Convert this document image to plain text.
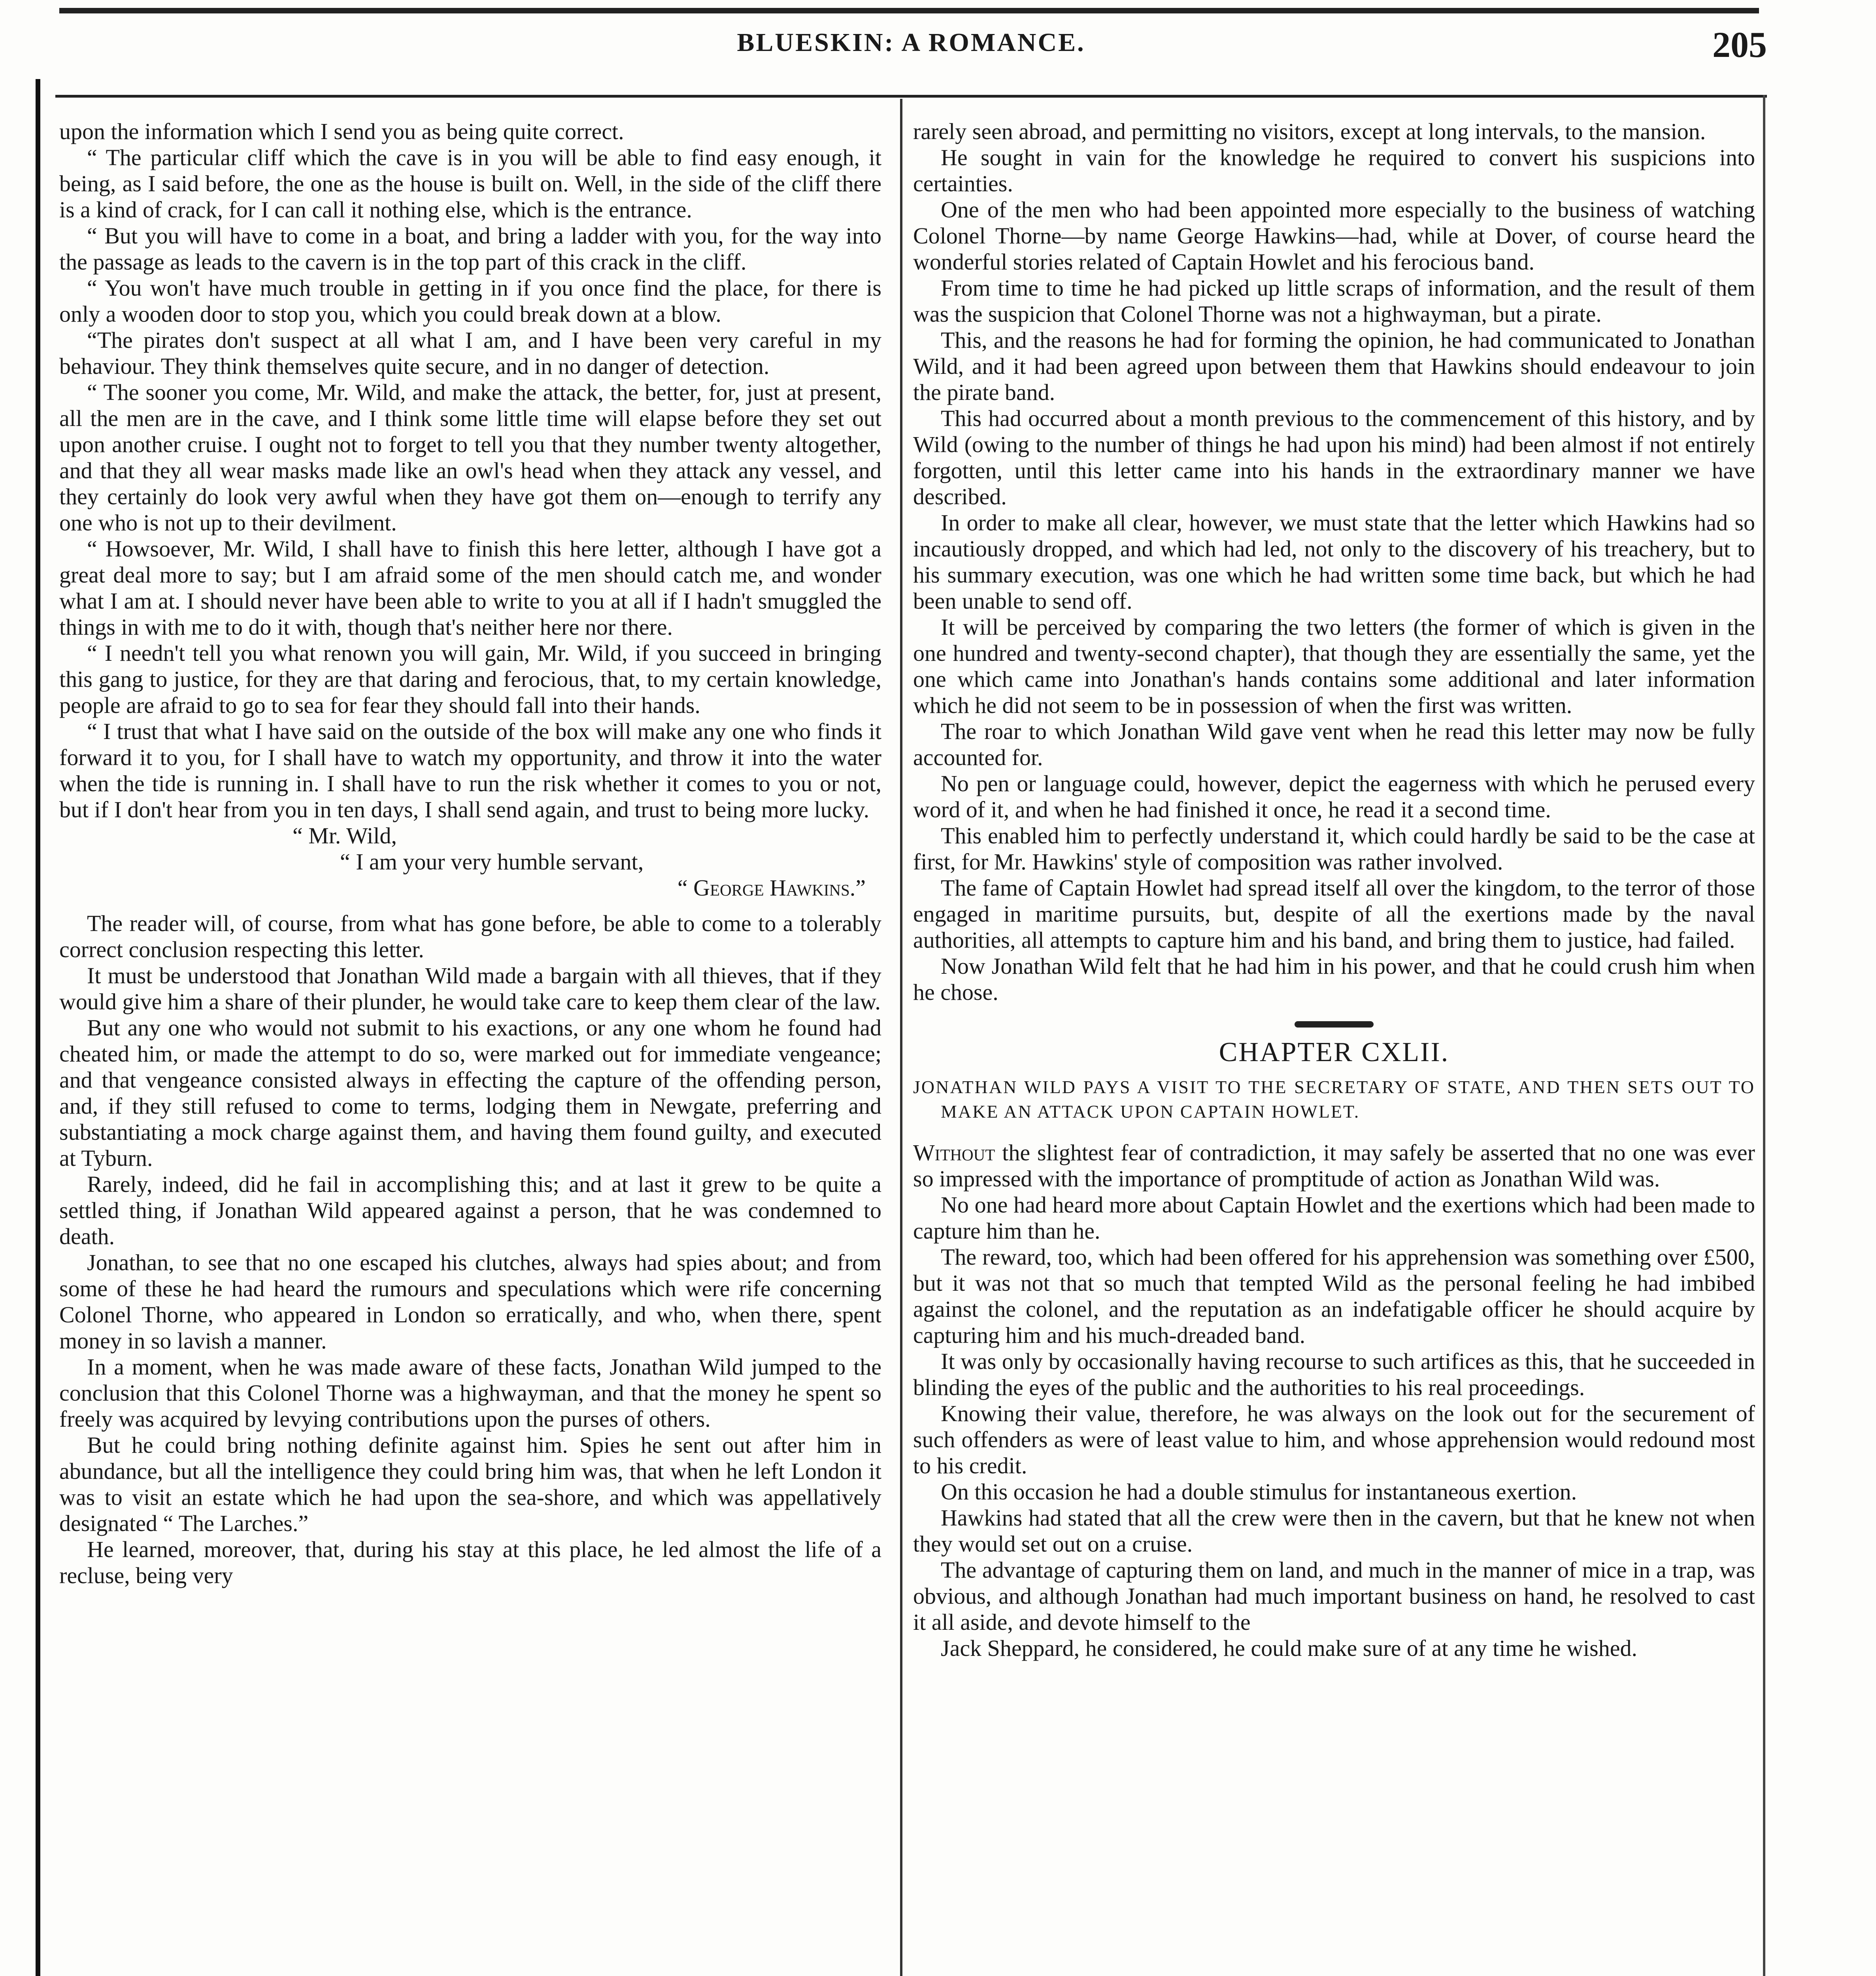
BLUESKIN: A ROMANCE.	205

upon the information which I send you as being quite correct.

“ The particular cliff which the cave is in you will be able to find easy enough, it being, as I said before, the one as the house is built on. Well, in the side of the cliff there is a kind of crack, for I can call it nothing else, which is the entrance.

“ But you will have to come in a boat, and bring a ladder with you, for the way into the passage as leads to the cavern is in the top part of this crack in the cliff.

“ You won't have much trouble in getting in if you once find the place, for there is only a wooden door to stop you, which you could break down at a blow.

“The pirates don't suspect at all what I am, and I have been very careful in my behaviour. They think themselves quite secure, and in no danger of detection.

“ The sooner you come, Mr. Wild, and make the attack, the better, for, just at present, all the men are in the cave, and I think some little time will elapse before they set out upon another cruise. I ought not to forget to tell you that they number twenty altogether, and that they all wear masks made like an owl's head when they attack any vessel, and they certainly do look very awful when they have got them on—enough to terrify any one who is not up to their devilment.

“ Howsoever, Mr. Wild, I shall have to finish this here letter, although I have got a great deal more to say; but I am afraid some of the men should catch me, and wonder what I am at. I should never have been able to write to you at all if I hadn't smuggled the things in with me to do it with, though that's neither here nor there.

“ I needn't tell you what renown you will gain, Mr. Wild, if you succeed in bringing this gang to justice, for they are that daring and ferocious, that, to my certain knowledge, people are afraid to go to sea for fear they should fall into their hands.

“ I trust that what I have said on the outside of the box will make any one who finds it forward it to you, for I shall have to watch my opportunity, and throw it into the water when the tide is running in. I shall have to run the risk whether it comes to you or not, but if I don't hear from you in ten days, I shall send again, and trust to being more lucky.

“ Mr. Wild,

“ I am your very humble servant,

“ George Hawkins.”

The reader will, of course, from what has gone before, be able to come to a tolerably correct conclusion respecting this letter.

It must be understood that Jonathan Wild made a bargain with all thieves, that if they would give him a share of their plunder, he would take care to keep them clear of the law.

But any one who would not submit to his exactions, or any one whom he found had cheated him, or made the attempt to do so, were marked out for immediate vengeance; and that vengeance consisted always in effecting the capture of the offending person, and, if they still refused to come to terms, lodging them in Newgate, preferring and substantiating a mock charge against them, and having them found guilty, and executed at Tyburn.

Rarely, indeed, did he fail in accomplishing this; and at last it grew to be quite a settled thing, if Jonathan Wild appeared against a person, that he was condemned to death.

Jonathan, to see that no one escaped his clutches, always had spies about; and from some of these he had heard the rumours and speculations which were rife concerning Colonel Thorne, who appeared in London so erratically, and who, when there, spent money in so lavish a manner.

In a moment, when he was made aware of these facts, Jonathan Wild jumped to the conclusion that this Colonel Thorne was a highwayman, and that the money he spent so freely was acquired by levying contributions upon the purses of others.

But he could bring nothing definite against him. Spies he sent out after him in abundance, but all the intelligence they could bring him was, that when he left London it was to visit an estate which he had upon the sea-shore, and which was appellatively designated “ The Larches.”

He learned, moreover, that, during his stay at this place, he led almost the life of a recluse, being very

rarely seen abroad, and permitting no visitors, except at long intervals, to the mansion.

He sought in vain for the knowledge he required to convert his suspicions into certainties.

One of the men who had been appointed more especially to the business of watching Colonel Thorne—by name George Hawkins—had, while at Dover, of course heard the wonderful stories related of Captain Howlet and his ferocious band.

From time to time he had picked up little scraps of information, and the result of them was the suspicion that Colonel Thorne was not a highwayman, but a pirate.

This, and the reasons he had for forming the opinion, he had communicated to Jonathan Wild, and it had been agreed upon between them that Hawkins should endeavour to join the pirate band.

This had occurred about a month previous to the commencement of this history, and by Wild (owing to the number of things he had upon his mind) had been almost if not entirely forgotten, until this letter came into his hands in the extraordinary manner we have described.

In order to make all clear, however, we must state that the letter which Hawkins had so incautiously dropped, and which had led, not only to the discovery of his treachery, but to his summary execution, was one which he had written some time back, but which he had been unable to send off.

It will be perceived by comparing the two letters (the former of which is given in the one hundred and twenty-second chapter), that though they are essentially the same, yet the one which came into Jonathan's hands contains some additional and later information which he did not seem to be in possession of when the first was written.

The roar to which Jonathan Wild gave vent when he read this letter may now be fully accounted for.

No pen or language could, however, depict the eagerness with which he perused every word of it, and when he had finished it once, he read it a second time.

This enabled him to perfectly understand it, which could hardly be said to be the case at first, for Mr. Hawkins' style of composition was rather involved.

The fame of Captain Howlet had spread itself all over the kingdom, to the terror of those engaged in maritime pursuits, but, despite of all the exertions made by the naval authorities, all attempts to capture him and his band, and bring them to justice, had failed.

Now Jonathan Wild felt that he had him in his power, and that he could crush him when he chose.

CHAPTER CXLII.
JONATHAN WILD PAYS A VISIT TO THE SECRETARY OF STATE, AND THEN SETS OUT TO MAKE AN ATTACK UPON CAPTAIN HOWLET.

Without the slightest fear of contradiction, it may safely be asserted that no one was ever so impressed with the importance of promptitude of action as Jonathan Wild was.

No one had heard more about Captain Howlet and the exertions which had been made to capture him than he.

The reward, too, which had been offered for his apprehension was something over £500, but it was not that so much that tempted Wild as the personal feeling he had imbibed against the colonel, and the reputation as an indefatigable officer he should acquire by capturing him and his much-dreaded band.

It was only by occasionally having recourse to such artifices as this, that he succeeded in blinding the eyes of the public and the authorities to his real proceedings.

Knowing their value, therefore, he was always on the look out for the securement of such offenders as were of least value to him, and whose apprehension would redound most to his credit.

On this occasion he had a double stimulus for instantaneous exertion.

Hawkins had stated that all the crew were then in the cavern, but that he knew not when they would set out on a cruise.

The advantage of capturing them on land, and much in the manner of mice in a trap, was obvious, and although Jonathan had much important business on hand, he resolved to cast it all aside, and devote himself to the

Jack Sheppard, he considered, he could make sure of at any time he wished.
